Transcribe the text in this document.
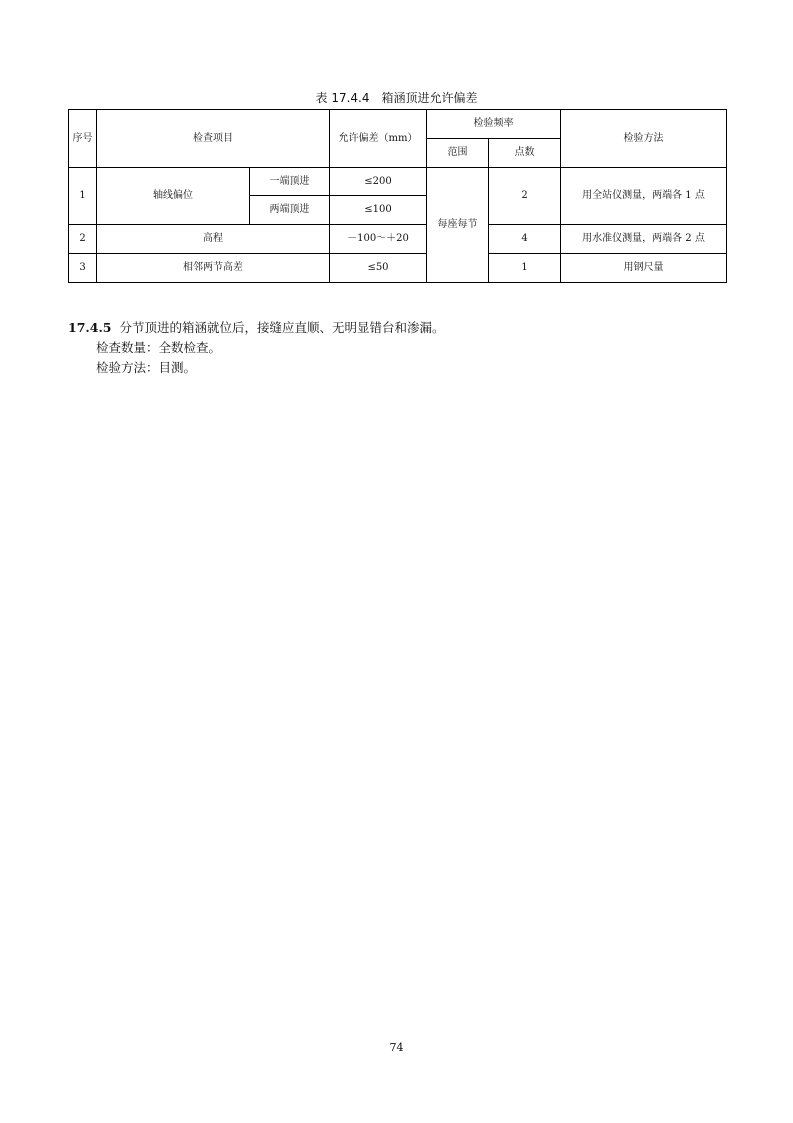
表 17.4.4　箱涵顶进允许偏差
序号	检查项目		允许偏差（mm）	检验频率		检验方法
				范围	点数	
1	轴线偏位	一端顶进	≤200	每座每节	2	用全站仪测量，两端各 1 点
		两端顶进	≤100			
2	高程		－100～＋20		4	用水准仪测量，两端各 2 点
3	相邻两节高差		≤50		1	用钢尺量
17.4.5 分节顶进的箱涵就位后，接缝应直顺、无明显错台和渗漏。
检查数量：全数检查。
检验方法：目测。
74
